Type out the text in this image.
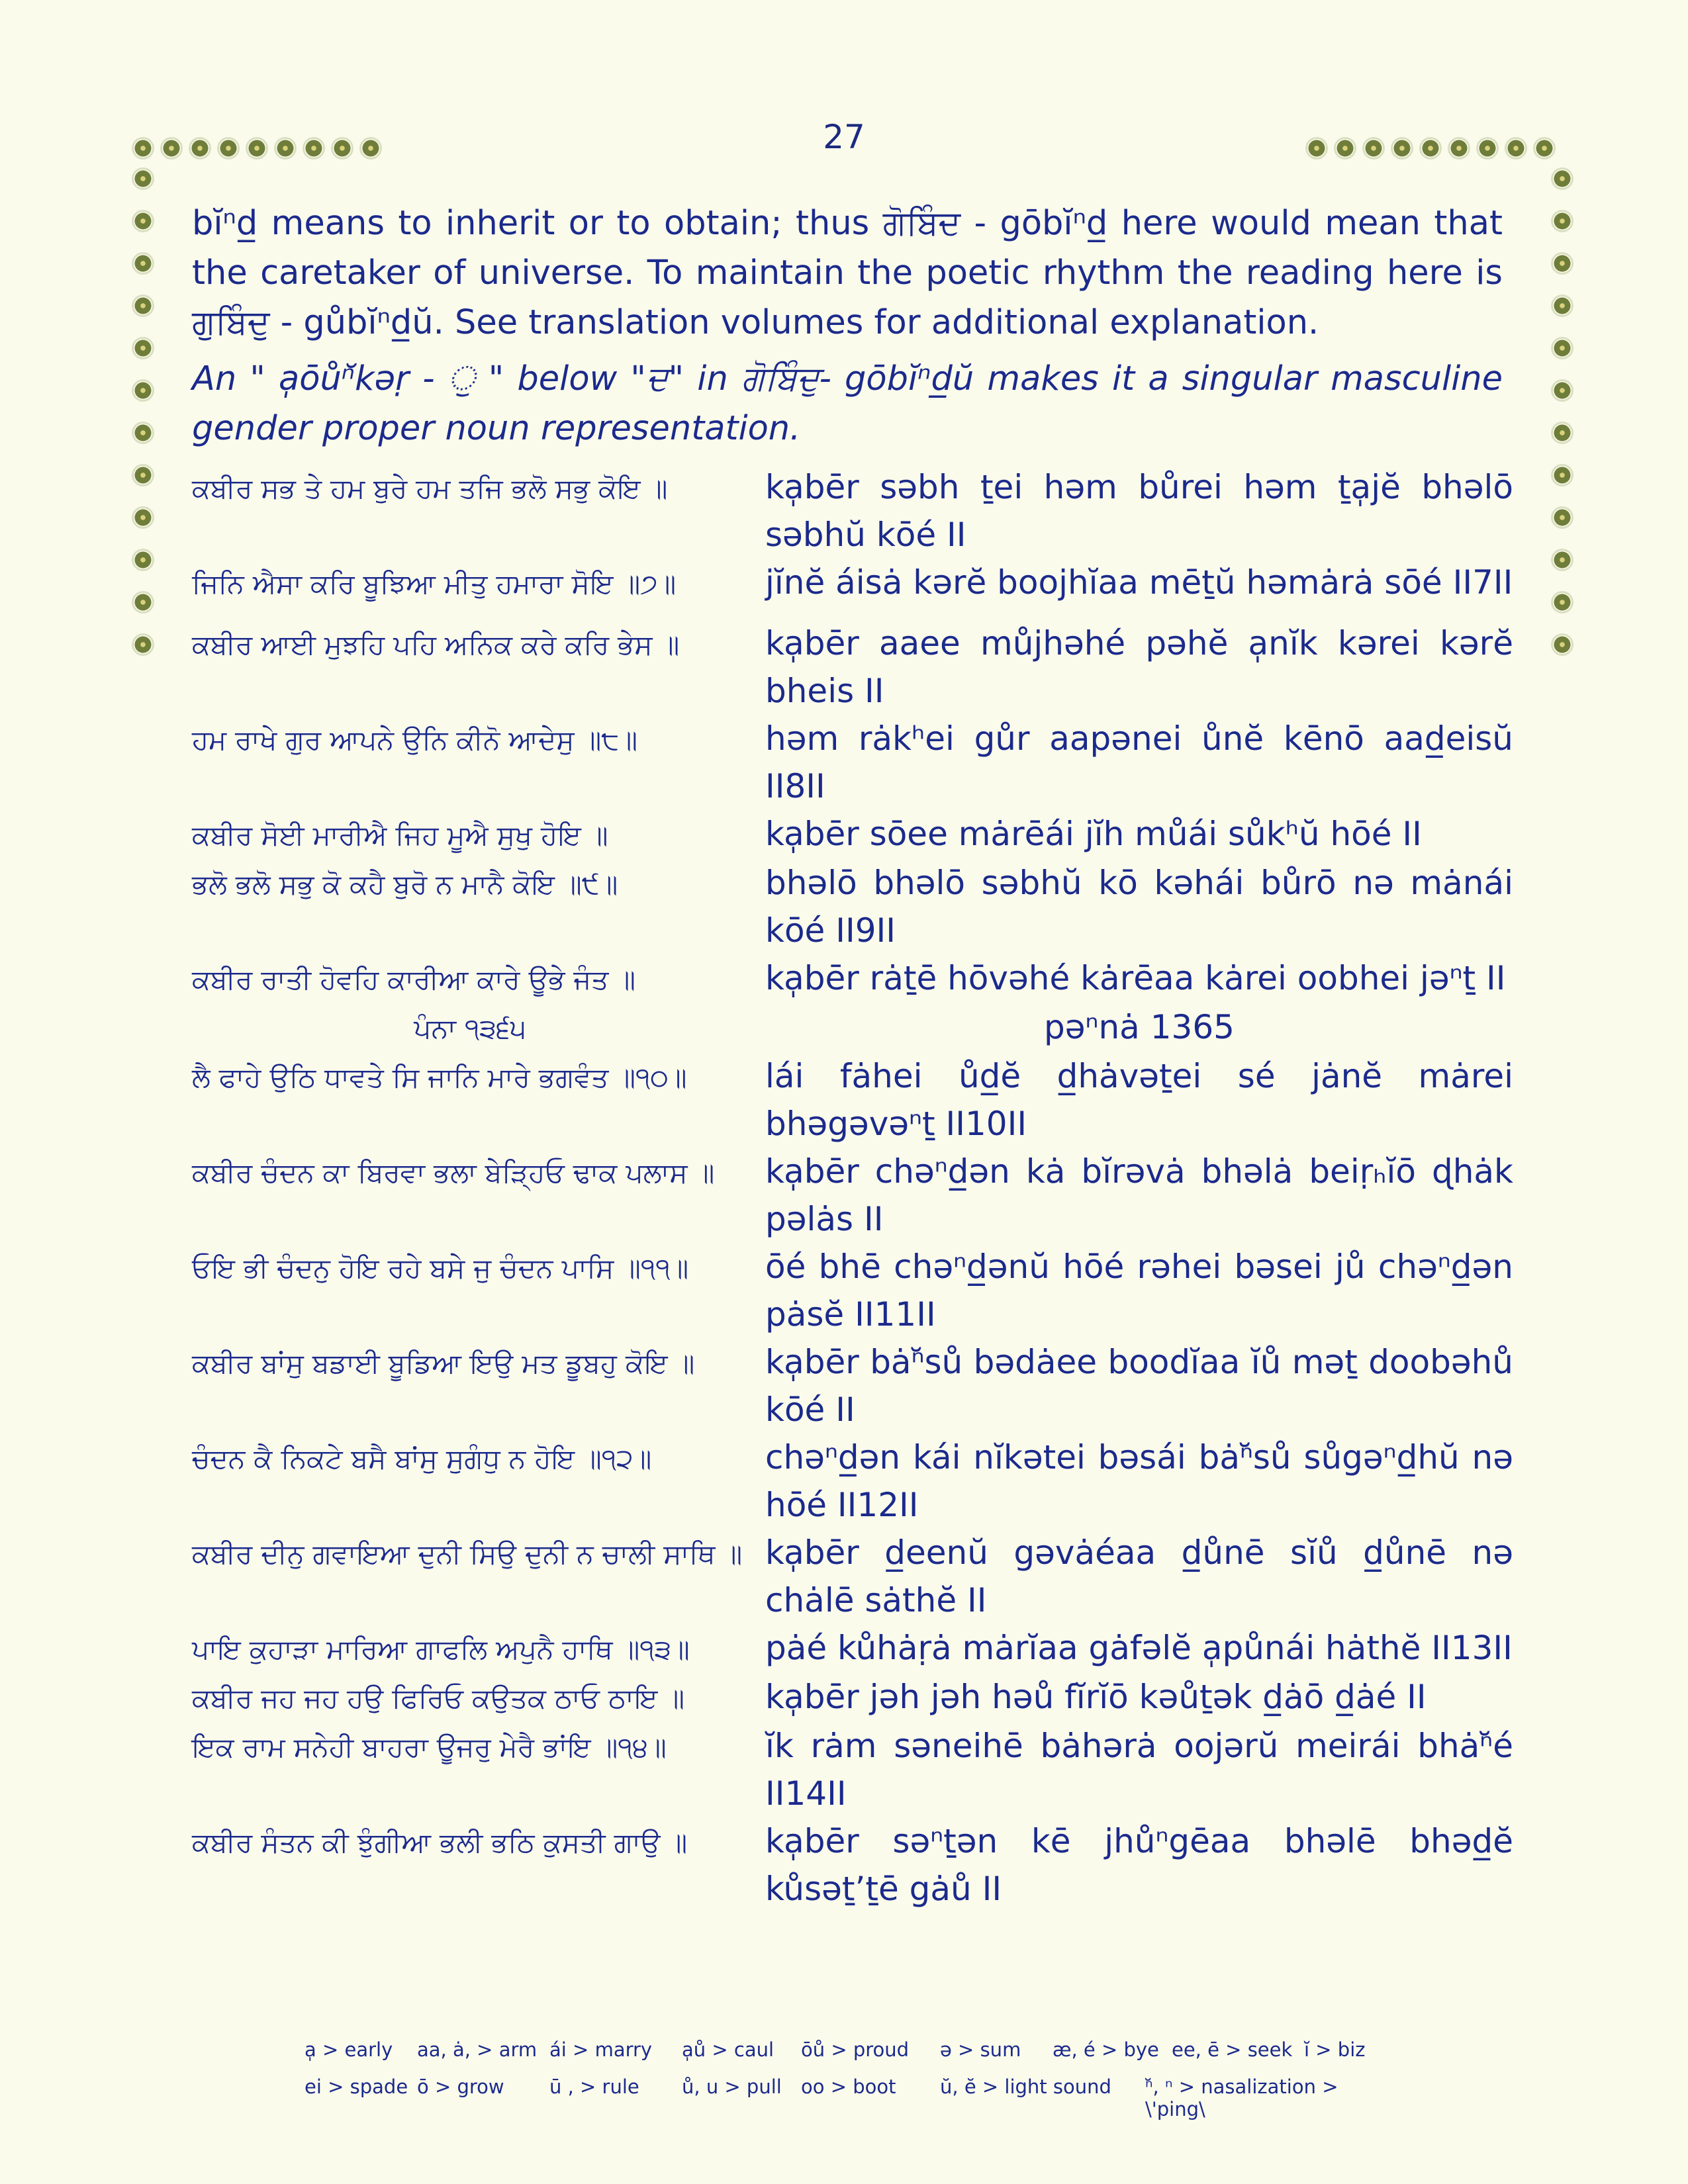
27

bĭⁿd̲ means to inherit or to obtain; thus ਗੋਬਿੰਦ - gōbĭⁿd̲ here would mean that the caretaker of universe. To maintain the poetic rhythm the reading here is ਗੁਬਿੰਦੁ - gůbĭⁿd̲ŭ. See translation volumes for additional explanation.

An " a̩ōůⁿ̆kəṛ - ੁ " below "ਦ" in ਗੋਬਿੰਦੁ- gōbĭⁿd̲ŭ makes it a singular masculine gender proper noun representation.

ਕਬੀਰ ਸਭ ਤੇ ਹਮ ਬੁਰੇ ਹਮ ਤਜਿ ਭਲੋ ਸਭੁ ਕੋਇ ॥	ka̩bēr səbh ṯei həm bůrei həm ṯa̩jĕ bhəlō səbhŭ kōé II
ਜਿਨਿ ਐਸਾ ਕਰਿ ਬੂਝਿਆ ਮੀਤੁ ਹਮਾਰਾ ਸੋਇ ॥੭॥	jĭnĕ áisȧ kərĕ boojhĭaa mēṯŭ həmȧrȧ sōé II7II
ਕਬੀਰ ਆਈ ਮੁਝਹਿ ਪਹਿ ਅਨਿਕ ਕਰੇ ਕਰਿ ਭੇਸ ॥	ka̩bēr aaee můjhəhé pəhĕ a̩nĭk kərei kərĕ bheis II
ਹਮ ਰਾਖੇ ਗੁਰ ਆਪਨੇ ਉਨਿ ਕੀਨੋ ਆਦੇਸੁ ॥੮॥	həm rȧkʰei gůr aapənei ůnĕ kēnō aad̲eisŭ II8II
ਕਬੀਰ ਸੋਈ ਮਾਰੀਐ ਜਿਹ ਮੂਐ ਸੁਖੁ ਹੋਇ ॥	ka̩bēr sōee mȧrēái jĭh můái sůkʰŭ hōé II
ਭਲੋ ਭਲੋ ਸਭੁ ਕੋ ਕਹੈ ਬੁਰੋ ਨ ਮਾਨੈ ਕੋਇ ॥੯॥	bhəlō bhəlō səbhŭ kō kəhái bůrō nə mȧnái kōé II9II
ਕਬੀਰ ਰਾਤੀ ਹੋਵਹਿ ਕਾਰੀਆ ਕਾਰੇ ਊਭੇ ਜੰਤ ॥	ka̩bēr rȧṯē hōvəhé kȧrēaa kȧrei oobhei jəⁿṯ II
ਪੰਨਾ ੧੩੬੫	pəⁿnȧ 1365
ਲੈ ਫਾਹੇ ਉਠਿ ਧਾਵਤੇ ਸਿ ਜਾਨਿ ਮਾਰੇ ਭਗਵੰਤ ॥੧੦॥	lái fȧhei ůd̲ĕ d̲hȧvəṯei sé jȧnĕ mȧrei bhəgəvəⁿṯ II10II
ਕਬੀਰ ਚੰਦਨ ਕਾ ਬਿਰਵਾ ਭਲਾ ਬੇੜ੍ਹਿਓ ਢਾਕ ਪਲਾਸ ॥	ka̩bēr chəⁿd̲ən kȧ bĭrəvȧ bhəlȧ beiṛₕĭō ɖhȧk pəlȧs II
ਓਇ ਭੀ ਚੰਦਨੁ ਹੋਇ ਰਹੇ ਬਸੇ ਜੁ ਚੰਦਨ ਪਾਸਿ ॥੧੧॥	ōé bhē chəⁿd̲ənŭ hōé rəhei bəsei jů chəⁿd̲ən pȧsĕ II11II
ਕਬੀਰ ਬਾਂਸੁ ਬਡਾਈ ਬੂਡਿਆ ਇਉ ਮਤ ਡੂਬਹੁ ਕੋਇ ॥	ka̩bēr bȧⁿ̆sů bədȧee boodĭaa ĭů məṯ doobəhů kōé II
ਚੰਦਨ ਕੈ ਨਿਕਟੇ ਬਸੈ ਬਾਂਸੁ ਸੁਗੰਧੁ ਨ ਹੋਇ ॥੧੨॥	chəⁿd̲ən kái nĭkətei bəsái bȧⁿ̆sů sůgəⁿd̲hŭ nə hōé II12II
ਕਬੀਰ ਦੀਨੁ ਗਵਾਇਆ ਦੁਨੀ ਸਿਉ ਦੁਨੀ ਨ ਚਾਲੀ ਸਾਥਿ ॥ ka̩bēr d̲eenŭ gəvȧéaa d̲ůnē sĭů d̲ůnē nə chȧlē sȧthĕ II
ਪਾਇ ਕੁਹਾੜਾ ਮਾਰਿਆ ਗਾਫਲਿ ਅਪੁਨੈ ਹਾਥਿ ॥੧੩॥	pȧé kůhȧṛȧ mȧrĭaa gȧfəlĕ a̩půnái hȧthĕ II13II
ਕਬੀਰ ਜਹ ਜਹ ਹਉ ਫਿਰਿਓ ਕਉਤਕ ਠਾਓ ਠਾਇ ॥	ka̩bēr jəh jəh həů fĭrĭō kəůṯək d̲ȧō d̲ȧé II
ਇਕ ਰਾਮ ਸਨੇਹੀ ਬਾਹਰਾ ਊਜਰੁ ਮੇਰੈ ਭਾਂਇ ॥੧੪॥	ĭk rȧm səneihē bȧhərȧ oojərŭ meirái bhȧⁿ̆é II14II
ਕਬੀਰ ਸੰਤਨ ਕੀ ਝੁੰਗੀਆ ਭਲੀ ਭਠਿ ਕੁਸਤੀ ਗਾਉ ॥	ka̩bēr səⁿṯən kē jhůⁿgēaa bhəlē bhəd̲ĕ kůsəṯ’ṯē gȧů II
a̩ > early	aa, ȧ, > arm ái > marry	a̩ů > caul	ōů > proud	ə > sum	æ, é > bye ee, ē > seek ĭ > biz
ei > spade ō > grow	ū , > rule	ů, u > pull	oo > boot	ŭ, ĕ > light sound	ⁿ̆, ⁿ > nasalization > \'ping\
